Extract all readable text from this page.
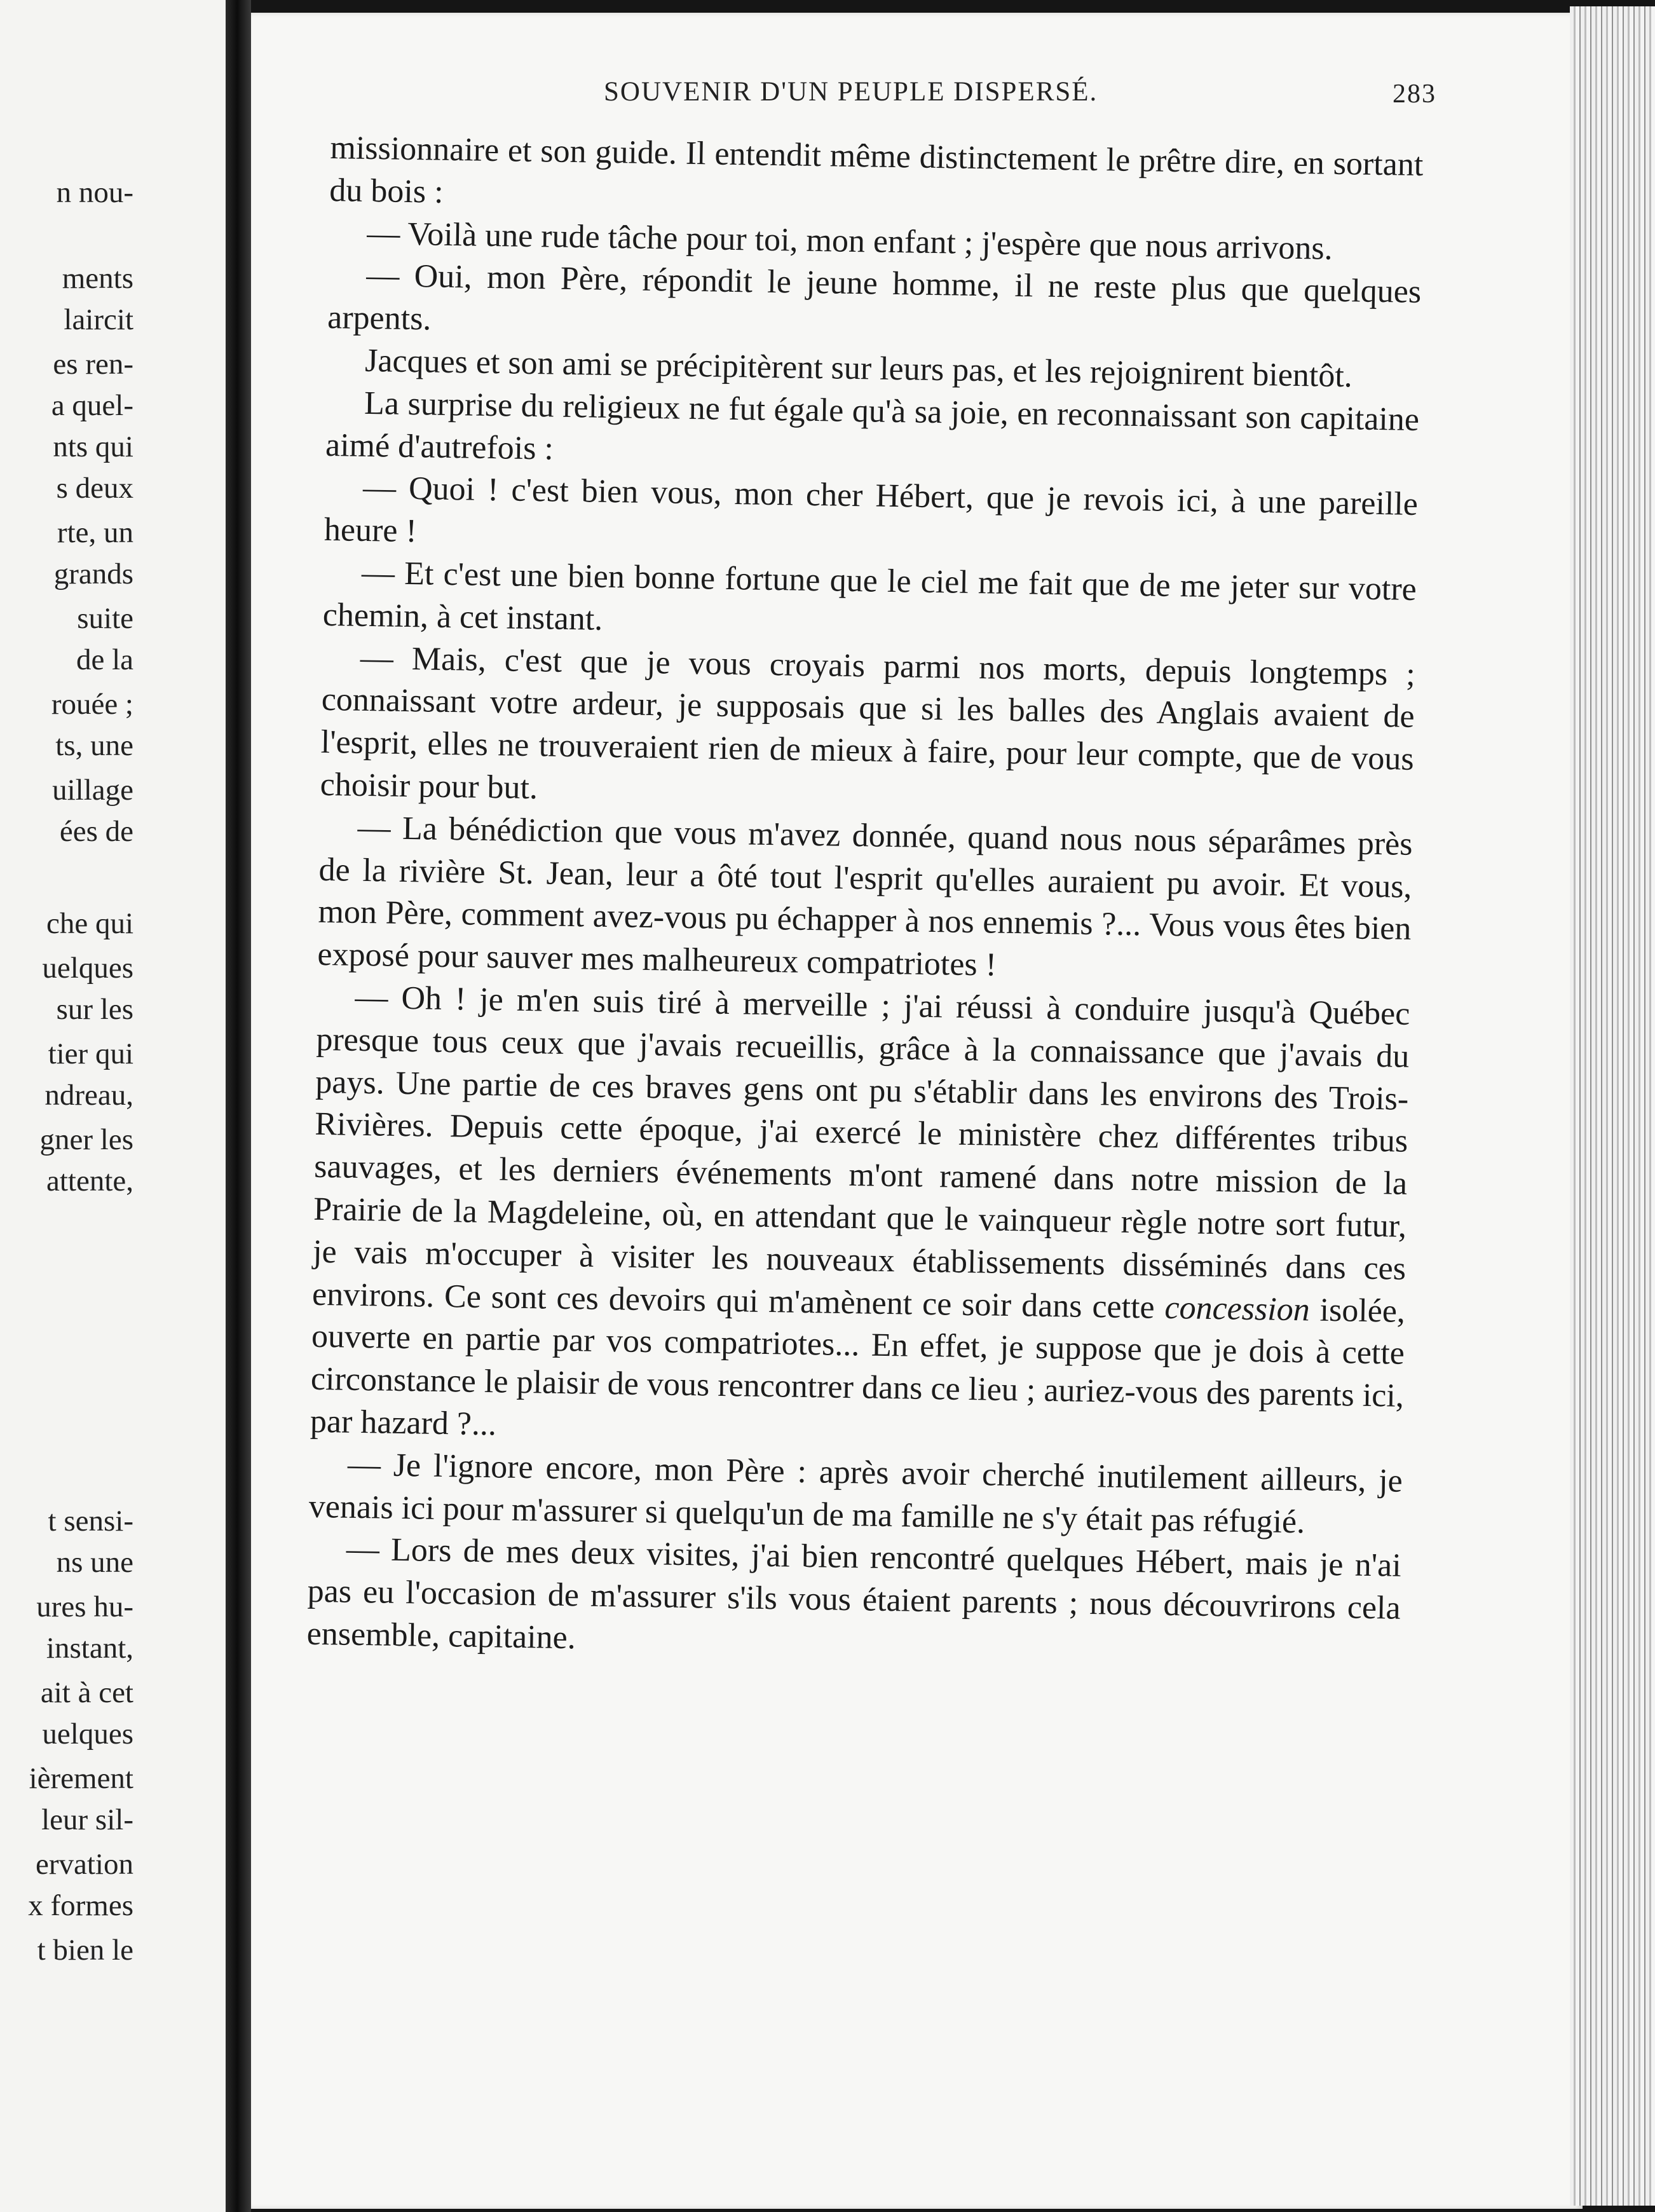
n nou-
ments
laircit
es ren-
a quel-
nts qui
s deux
rte, un
grands
suite
de la
rouée ;
ts, une
uillage
ées de
che qui
uelques
sur les
tier qui
ndreau,
gner les
attente,
t sensi-
ns une
ures hu-
instant,
ait à cet
uelques
ièrement
leur sil-
ervation
x formes
t bien le
SOUVENIR D'UN PEUPLE DISPERSÉ.	283

missionnaire et son guide. Il entendit même distinctement le prêtre dire, en sortant du bois :

— Voilà une rude tâche pour toi, mon enfant ; j'espère que nous arrivons.

— Oui, mon Père, répondit le jeune homme, il ne reste plus que quelques arpents.

Jacques et son ami se précipitèrent sur leurs pas, et les rejoignirent bientôt.

La surprise du religieux ne fut égale qu'à sa joie, en reconnaissant son capitaine aimé d'autrefois :

— Quoi ! c'est bien vous, mon cher Hébert, que je revois ici, à une pareille heure !

— Et c'est une bien bonne fortune que le ciel me fait que de me jeter sur votre chemin, à cet instant.

— Mais, c'est que je vous croyais parmi nos morts, depuis longtemps ; connaissant votre ardeur, je supposais que si les balles des Anglais avaient de l'esprit, elles ne trouveraient rien de mieux à faire, pour leur compte, que de vous choisir pour but.

— La bénédiction que vous m'avez donnée, quand nous nous séparâmes près de la rivière St. Jean, leur a ôté tout l'esprit qu'elles auraient pu avoir. Et vous, mon Père, comment avez-vous pu échapper à nos ennemis ?... Vous vous êtes bien exposé pour sauver mes malheureux compatriotes !

— Oh ! je m'en suis tiré à merveille ; j'ai réussi à conduire jusqu'à Québec presque tous ceux que j'avais recueillis, grâce à la connaissance que j'avais du pays. Une partie de ces braves gens ont pu s'établir dans les environs des Trois-Rivières. Depuis cette époque, j'ai exercé le ministère chez différentes tribus sauvages, et les derniers événements m'ont ramené dans notre mission de la Prairie de la Magdeleine, où, en attendant que le vainqueur règle notre sort futur, je vais m'occuper à visiter les nouveaux établissements disséminés dans ces environs. Ce sont ces devoirs qui m'amènent ce soir dans cette concession isolée, ouverte en partie par vos compatriotes... En effet, je suppose que je dois à cette circonstance le plaisir de vous rencontrer dans ce lieu ; auriez-vous des parents ici, par hazard ?...

— Je l'ignore encore, mon Père : après avoir cherché inutilement ailleurs, je venais ici pour m'assurer si quelqu'un de ma famille ne s'y était pas réfugié.

— Lors de mes deux visites, j'ai bien rencontré quelques Hébert, mais je n'ai pas eu l'occasion de m'assurer s'ils vous étaient parents ; nous découvrirons cela ensemble, capitaine.
